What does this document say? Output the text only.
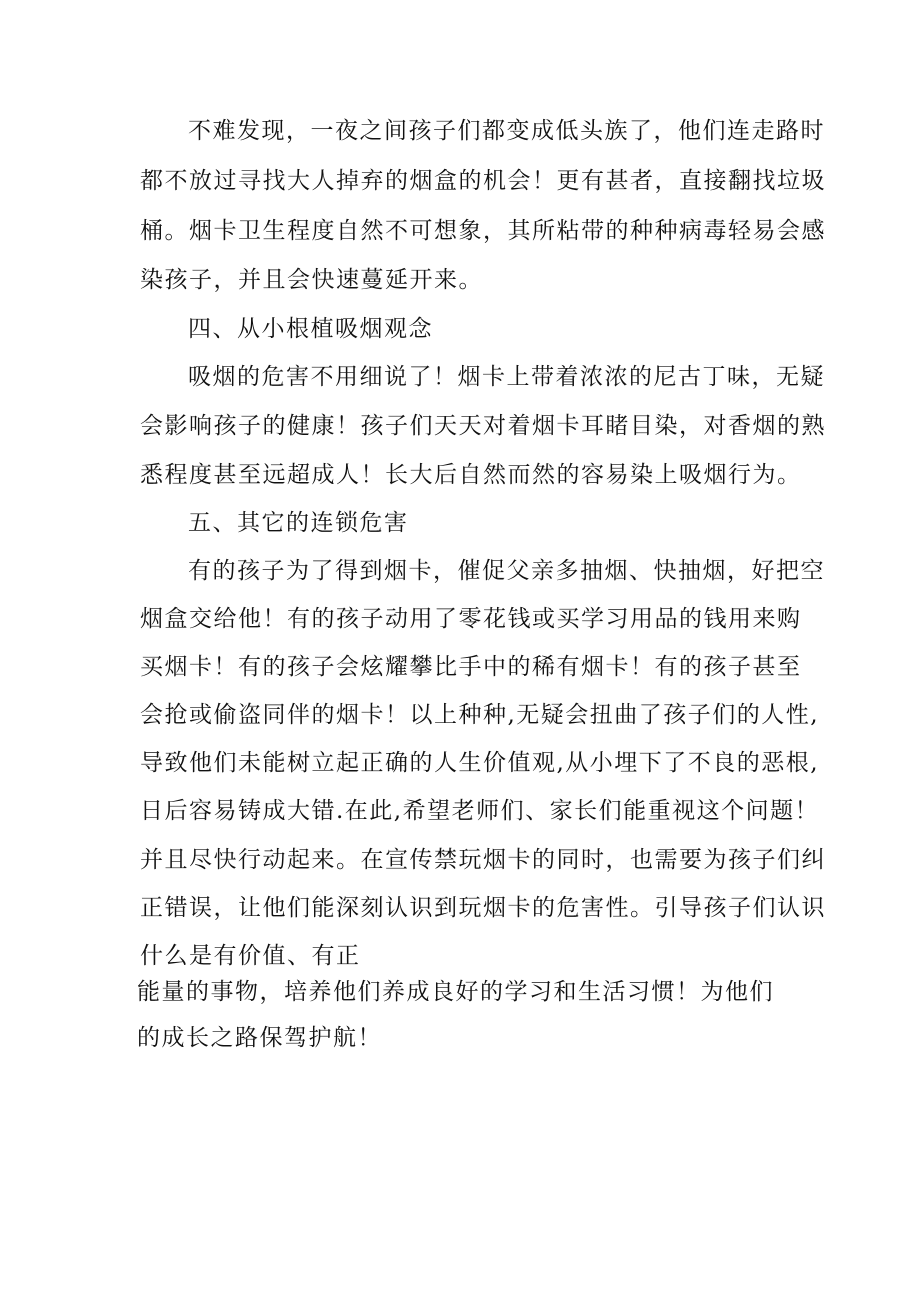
不难发现，一夜之间孩子们都变成低头族了，他们连走路时
都不放过寻找大人掉弃的烟盒的机会！更有甚者，直接翻找垃圾
桶。烟卡卫生程度自然不可想象，其所粘带的种种病毒轻易会感
染孩子，并且会快速蔓延开来。
四、从小根植吸烟观念
吸烟的危害不用细说了！烟卡上带着浓浓的尼古丁味，无疑
会影响孩子的健康！孩子们天天对着烟卡耳睹目染，对香烟的熟
悉程度甚至远超成人！长大后自然而然的容易染上吸烟行为。
五、其它的连锁危害
有的孩子为了得到烟卡，催促父亲多抽烟、快抽烟，好把空
烟盒交给他！有的孩子动用了零花钱或买学习用品的钱用来购
买烟卡！有的孩子会炫耀攀比手中的稀有烟卡！有的孩子甚至
会抢或偷盗同伴的烟卡！以上种种,无疑会扭曲了孩子们的人性,
导致他们未能树立起正确的人生价值观,从小埋下了不良的恶根,
日后容易铸成大错.在此,希望老师们、家长们能重视这个问题！
并且尽快行动起来。在宣传禁玩烟卡的同时，也需要为孩子们纠
正错误，让他们能深刻认识到玩烟卡的危害性。引导孩子们认识
什么是有价值、有正
能量的事物，培养他们养成良好的学习和生活习惯！为他们
的成长之路保驾护航！
